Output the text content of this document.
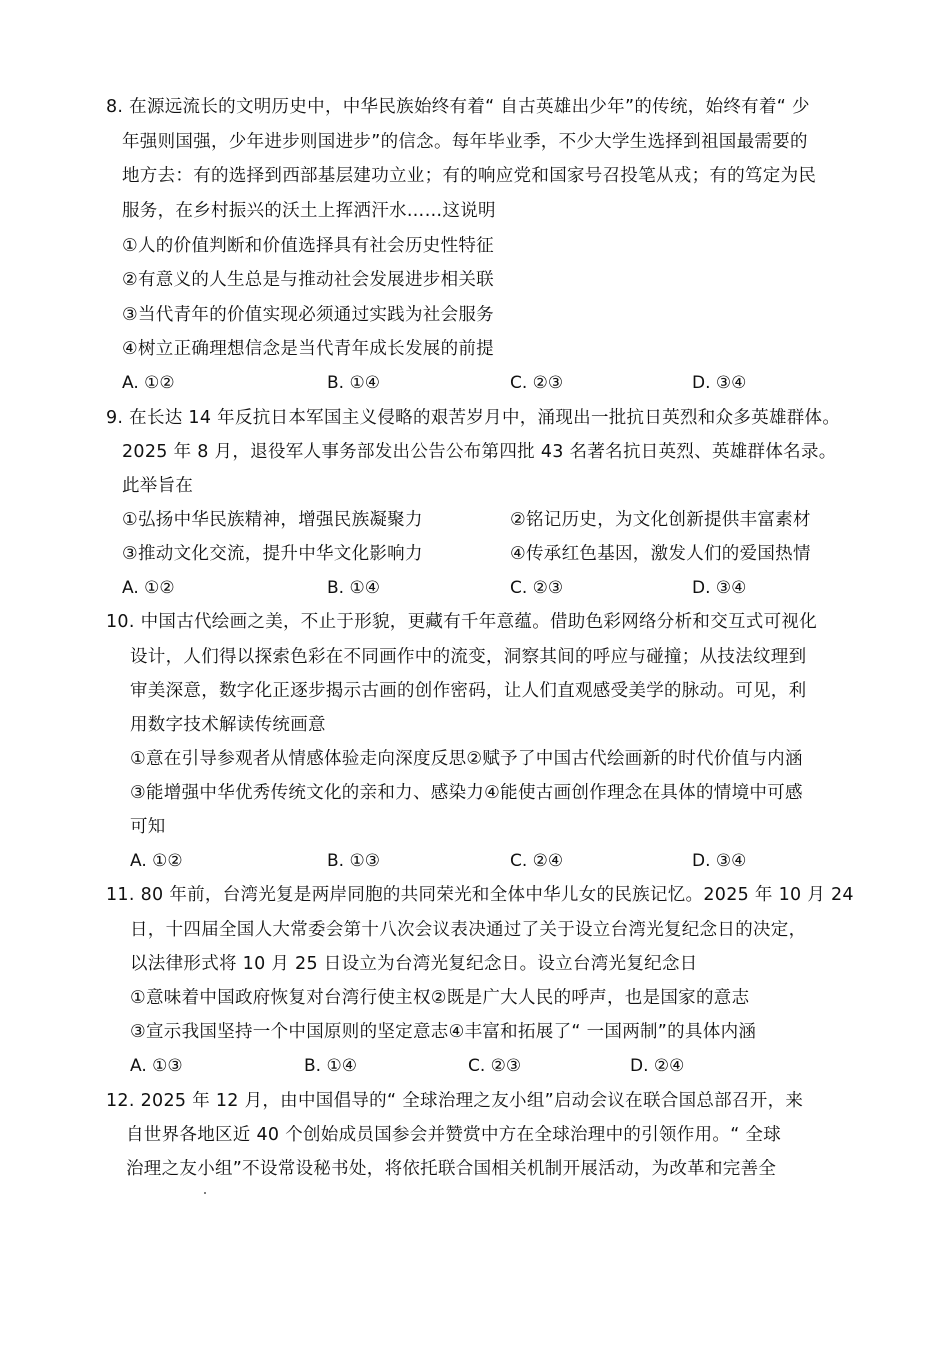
8. 在源远流长的文明历史中，中华民族始终有着“ 自古英雄出少年”的传统，始终有着“ 少
年强则国强，少年进步则国进步”的信念。每年毕业季，不少大学生选择到祖国最需要的
地方去：有的选择到西部基层建功立业；有的响应党和国家号召投笔从戎；有的笃定为民
服务，在乡村振兴的沃土上挥洒汗水……这说明
①人的价值判断和价值选择具有社会历史性特征
②有意义的人生总是与推动社会发展进步相关联
③当代青年的价值实现必须通过实践为社会服务
④树立正确理想信念是当代青年成长发展的前提
A. ①②	B. ①④	C. ②③	D. ③④
9. 在长达 14 年反抗日本军国主义侵略的艰苦岁月中，涌现出一批抗日英烈和众多英雄群体。
2025 年 8 月，退役军人事务部发出公告公布第四批 43 名著名抗日英烈、英雄群体名录。
此举旨在
①弘扬中华民族精神，增强民族凝聚力	②铭记历史，为文化创新提供丰富素材
③推动文化交流，提升中华文化影响力	④传承红色基因，激发人们的爱国热情
A. ①②	B. ①④	C. ②③	D. ③④
10. 中国古代绘画之美，不止于形貌，更藏有千年意蕴。借助色彩网络分析和交互式可视化
设计，人们得以探索色彩在不同画作中的流变，洞察其间的呼应与碰撞；从技法纹理到
审美深意，数字化正逐步揭示古画的创作密码，让人们直观感受美学的脉动。可见，利
用数字技术解读传统画意
①意在引导参观者从情感体验走向深度反思②赋予了中国古代绘画新的时代价值与内涵
③能增强中华优秀传统文化的亲和力、感染力④能使古画创作理念在具体的情境中可感
可知
A. ①②	B. ①③	C. ②④	D. ③④
11. 80 年前，台湾光复是两岸同胞的共同荣光和全体中华儿女的民族记忆。2025 年 10 月 24
日，十四届全国人大常委会第十八次会议表决通过了关于设立台湾光复纪念日的决定，
以法律形式将 10 月 25 日设立为台湾光复纪念日。设立台湾光复纪念日
①意味着中国政府恢复对台湾行使主权②既是广大人民的呼声，也是国家的意志
③宣示我国坚持一个中国原则的坚定意志④丰富和拓展了“ 一国两制”的具体内涵
A. ①③	B. ①④	C. ②③	D. ②④
12. 2025 年 12 月，由中国倡导的“ 全球治理之友小组”启动会议在联合国总部召开，来
自世界各地区近 40 个创始成员国参会并赞赏中方在全球治理中的引领作用。“ 全球
治理之友小组”不设常设秘书处，将依托联合国相关机制开展活动，为改革和完善全
